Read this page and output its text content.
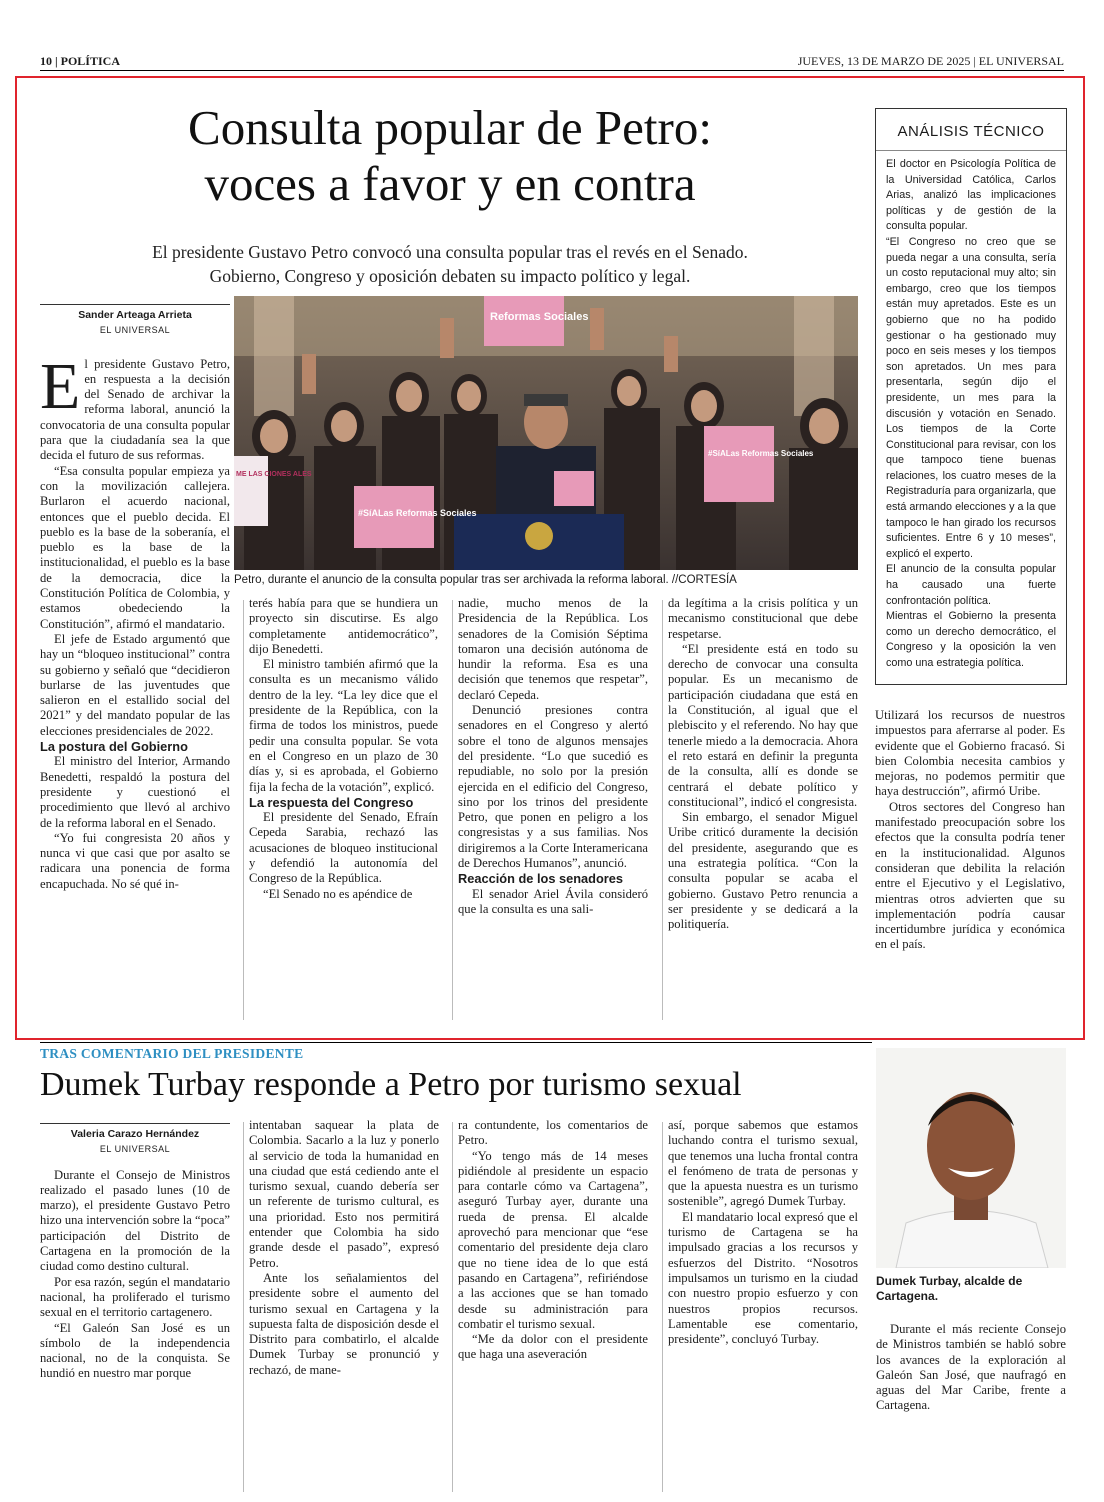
10 | POLÍTICA	JUEVES, 13 DE MARZO DE 2025 | EL UNIVERSAL
Consulta popular de Petro:
voces a favor y en contra
El presidente Gustavo Petro convocó una consulta popular tras el revés en el Senado.
Gobierno, Congreso y oposición debaten su impacto político y legal.
ANÁLISIS TÉCNICO

El doctor en Psicología Política de la Universidad Católica, Carlos Arias, analizó las implicaciones políticas y de gestión de la consulta popular.

“El Congreso no creo que se pueda negar a una consulta, sería un costo reputacional muy alto; sin embargo, creo que los tiempos están muy apretados. Este es un gobierno que no ha podido gestionar o ha gestionado muy poco en seis meses y los tiempos son apretados. Un mes para presentarla, según dijo el presidente, un mes para la discusión y votación en Senado. Los tiempos de la Corte Constitucional para revisar, con los que tampoco tiene buenas relaciones, los cuatro meses de la Registraduría para organizarla, que está armando elecciones y a la que tampoco le han girado los recursos suficientes. Entre 6 y 10 meses”, explicó el experto.

El anuncio de la consulta popular ha causado una fuerte confrontación política.

Mientras el Gobierno la presenta como un derecho democrático, el Congreso y la oposición la ven como una estrategia política.

Sander Arteaga Arrieta
EL UNIVERSAL

El presidente Gustavo Petro, en respuesta a la decisión del Senado de archivar la reforma laboral, anunció la convocatoria de una consulta popular para que la ciudadanía sea la que decida el futuro de sus reformas.

“Esa consulta popular empieza ya con la movilización callejera. Burlaron el acuerdo nacional, entonces que el pueblo decida. El pueblo es la base de la soberanía, el pueblo es la base de la institucionalidad, el pueblo es la base de la democracia, dice la Constitución Política de Colombia, y estamos obedeciendo la Constitución”, afirmó el mandatario.

El jefe de Estado argumentó que hay un “bloqueo institucional” contra su gobierno y señaló que “decidieron burlarse de las juventudes que salieron en el estallido social del 2021” y del mandato popular de las elecciones presidenciales de 2022.

La postura del Gobierno

El ministro del Interior, Armando Benedetti, respaldó la postura del presidente y cuestionó el procedimiento que llevó al archivo de la reforma laboral en el Senado.

“Yo fui congresista 20 años y nunca vi que casi que por asalto se radicara una ponencia de forma encapuchada. No sé qué in-

Reformas Sociales
#SíALas Reformas Sociales
#SíALas Reformas Sociales
ME LAS CIONES ALES
Petro, durante el anuncio de la consulta popular tras ser archivada la reforma laboral. //CORTESÍA

terés había para que se hundiera un proyecto sin discutirse. Es algo completamente antidemocrático”, dijo Benedetti.

El ministro también afirmó que la consulta es un mecanismo válido dentro de la ley. “La ley dice que el presidente de la República, con la firma de todos los ministros, puede pedir una consulta popular. Se vota en el Congreso en un plazo de 30 días y, si es aprobada, el Gobierno fija la fecha de la votación”, explicó.

La respuesta del Congreso

El presidente del Senado, Efraín Cepeda Sarabia, rechazó las acusaciones de bloqueo institucional y defendió la autonomía del Congreso de la República.

“El Senado no es apéndice de

nadie, mucho menos de la Presidencia de la República. Los senadores de la Comisión Séptima tomaron una decisión autónoma de hundir la reforma. Esa es una decisión que tenemos que respetar”, declaró Cepeda.

Denunció presiones contra senadores en el Congreso y alertó sobre el tono de algunos mensajes del presidente. “Lo que sucedió es repudiable, no solo por la presión ejercida en el edificio del Congreso, sino por los trinos del presidente Petro, que ponen en peligro a los congresistas y a sus familias. Nos dirigiremos a la Corte Interamericana de Derechos Humanos”, anunció.

Reacción de los senadores

El senador Ariel Ávila consideró que la consulta es una sali-

da legítima a la crisis política y un mecanismo constitucional que debe respetarse.

“El presidente está en todo su derecho de convocar una consulta popular. Es un mecanismo de participación ciudadana que está en la Constitución, al igual que el plebiscito y el referendo. No hay que tenerle miedo a la democracia. Ahora el reto estará en definir la pregunta de la consulta, allí es donde se centrará el debate político y constitucional”, indicó el congresista.

Sin embargo, el senador Miguel Uribe criticó duramente la decisión del presidente, asegurando que es una estrategia política. “Con la consulta popular se acaba el gobierno. Gustavo Petro renuncia a ser presidente y se dedicará a la politiquería.

Utilizará los recursos de nuestros impuestos para aferrarse al poder. Es evidente que el Gobierno fracasó. Si bien Colombia necesita cambios y mejoras, no podemos permitir que haya destrucción”, afirmó Uribe.

Otros sectores del Congreso han manifestado preocupación sobre los efectos que la consulta podría tener en la institucionalidad. Algunos consideran que debilita la relación entre el Ejecutivo y el Legislativo, mientras otros advierten que su implementación podría causar incertidumbre jurídica y económica en el país.

TRAS COMENTARIO DEL PRESIDENTE
Dumek Turbay responde a Petro por turismo sexual
Dumek Turbay, alcalde de Cartagena.
Valeria Carazo Hernández
EL UNIVERSAL

Durante el Consejo de Ministros realizado el pasado lunes (10 de marzo), el presidente Gustavo Petro hizo una intervención sobre la “poca” participación del Distrito de Cartagena en la promoción de la ciudad como destino cultural.

Por esa razón, según el mandatario nacional, ha proliferado el turismo sexual en el territorio cartagenero.

“El Galeón San José es un símbolo de la independencia nacional, no de la conquista. Se hundió en nuestro mar porque

intentaban saquear la plata de Colombia. Sacarlo a la luz y ponerlo al servicio de toda la humanidad en una ciudad que está cediendo ante el turismo sexual, cuando debería ser un referente de turismo cultural, es una prioridad. Esto nos permitirá entender que Colombia ha sido grande desde el pasado”, expresó Petro.

Ante los señalamientos del presidente sobre el aumento del turismo sexual en Cartagena y la supuesta falta de disposición desde el Distrito para combatirlo, el alcalde Dumek Turbay se pronunció y rechazó, de mane-

ra contundente, los comentarios de Petro.

“Yo tengo más de 14 meses pidiéndole al presidente un espacio para contarle cómo va Cartagena”, aseguró Turbay ayer, durante una rueda de prensa. El alcalde aprovechó para mencionar que “ese comentario del presidente deja claro que no tiene idea de lo que está pasando en Cartagena”, refiriéndose a las acciones que se han tomado desde su administración para combatir el turismo sexual.

“Me da dolor con el presidente que haga una aseveración

así, porque sabemos que estamos luchando contra el turismo sexual, que tenemos una lucha frontal contra el fenómeno de trata de personas y que la apuesta nuestra es un turismo sostenible”, agregó Dumek Turbay.

El mandatario local expresó que el turismo de Cartagena se ha impulsado gracias a los recursos y esfuerzos del Distrito. “Nosotros impulsamos un turismo en la ciudad con nuestro propio esfuerzo y con nuestros propios recursos. Lamentable ese comentario, presidente”, concluyó Turbay.

Durante el más reciente Consejo de Ministros también se habló sobre los avances de la exploración al Galeón San José, que naufragó en aguas del Mar Caribe, frente a Cartagena.
